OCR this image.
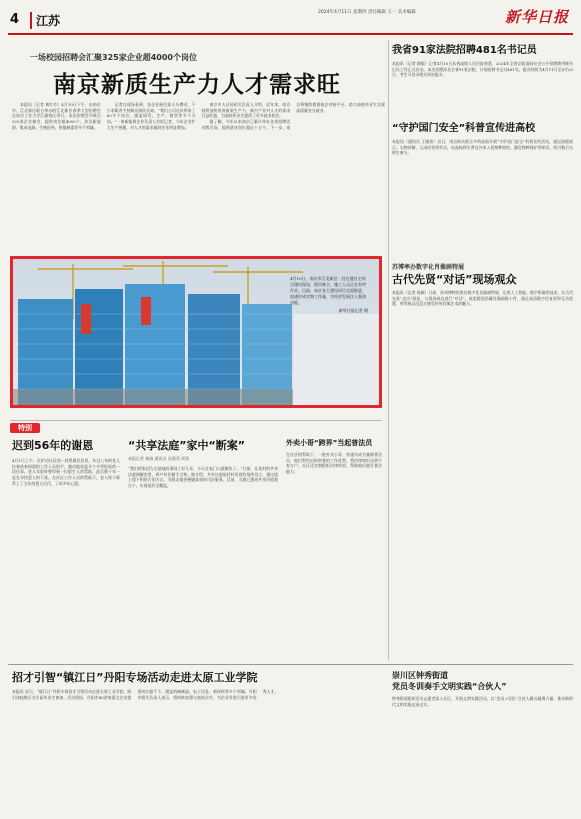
4	江苏
2024年4月11日 星期四 责任编辑 王一 美术编辑	新华日报
一场校园招聘会汇聚325家企业超4000个岗位
南京新质生产力人才需求旺

本报讯（记者 黄红芳）4月10日下午，由南京市、江北新区联合举办的江北新区春季大型招聘会在南京工业大学江浦校区举行。本次招聘会共吸引325家企业参会，提供岗位超4000个，涉及新能源、集成电路、生物医药、智能制造等多个领域。

记者在现场看到，各企业展位前人头攒动，不少求职者手持简历排队咨询。“我们公司这次带来了60多个岗位，涵盖研发、生产、销售等多个方向。”一家新能源企业负责人告诉记者，今年企业扩大生产规模，对人才的需求量较往年明显增加。

南京市人社局相关负责人介绍，近年来，南京持续加快培育新质生产力，新兴产业对人才的需求日益旺盛，为高校毕业生提供了更多就业机会。

据了解，今年以来南京已累计举办各类招聘活动数百场，提供就业岗位超过十万个。下一步，南京将继续搭建校企对接平台，助力高校毕业生实现高质量充分就业。

4月10日，南京市江北新区一处在建住宅项目建设现场，塔吊林立，施工人员正在有序作业。目前，南京各大建设项目全面推进，加速形成实物工作量，为经济发展注入强劲动能。
新华日报记者 摄
特别
迟到56年的谢恩
4月1日上午，在炉边社区的一间普通民居里，年过八旬的老人拉着前来探望的工作人员的手，激动地说起半个多世纪前的一段往事。老人年轻时曾得到一位陌生人的帮助，此后数十年一直在寻找恩人的下落。在社区工作人员的帮助下，老人终于联系上了当年的恩人后代，了却多年心愿。
“共享法庭”家中“断案”
本报记者 杨娟 通讯员 沈燕君 周劲
“我们两家因为宅基地的事闹了好几年，今天在家门口就解决了。”日前，在某村的共享法庭调解室里，两户村民握手言和。据介绍，共享法庭依托村居现有场所设立，通过线上线下相结合的方式，为群众提供便捷高效的司法服务。目前，当地已建成共享法庭数百个，实现基层全覆盖。
外卖小哥“跨界”当起普法员
在社区的帮助下，一批外卖小哥、快递员成为兼职普法员，他们利用走街串巷的工作优势，将法律知识送到千家万户。社区还定期组织法律培训，帮助他们提升普法能力。
我省91家法院招聘481名书记员
本报讯（记者 顾敏）记者4月10日从省高级人民法院获悉，2024年全省法院面向社会公开招聘聘用制书记员工作正式启动。本次招聘涉及全省91家法院，计划招聘书记员481名。报名时间为4月11日至4月20日，考生可登录相关网站报名。
“守护国门安全”科普宣传进高校
本报讯（通讯员 王婧怡）近日，南京海关联合多所高校开展“守护国门安全”科普宣传活动，通过展板展示、实物讲解、互动问答等形式，向高校师生普及外来入侵物种防控、濒危物种保护等知识，吸引数百名师生参与。
苏博率办数字化肖像画特展
古代先贤“对话”现场观众
本报讯（记者 杨频）日前，苏州博物馆推出数字化肖像画特展，运用人工智能、数字影像等技术，让古代先贤“走出”画卷，与现场观众进行“对话”。展览精选馆藏肖像画数十件，通过高清数字化复原和互动装置，带领观众沉浸式感受传统肖像艺术的魅力。
招才引智“镇江日”丹阳专场活动走进太原工业学院
本报讯 近日，“镇江日”丹阳专场招才引智活动走进太原工业学院，吸引该校数百名应届毕业生参加。活动现场，丹阳市40余家重点企业提供岗位超千个，涵盖机械制造、电子信息、新材料等多个领域。丹阳市相关负责人表示，将持续加强与高校合作，为企业发展引进更多优秀人才。
崇川区钟秀街道
党员冬训奏手文明实践“合伙人”
钟秀街道组织党员志愿者深入社区，开展文明实践活动，以“党员+居民”合伙人模式凝聚力量，推动新时代文明实践走深走实。
